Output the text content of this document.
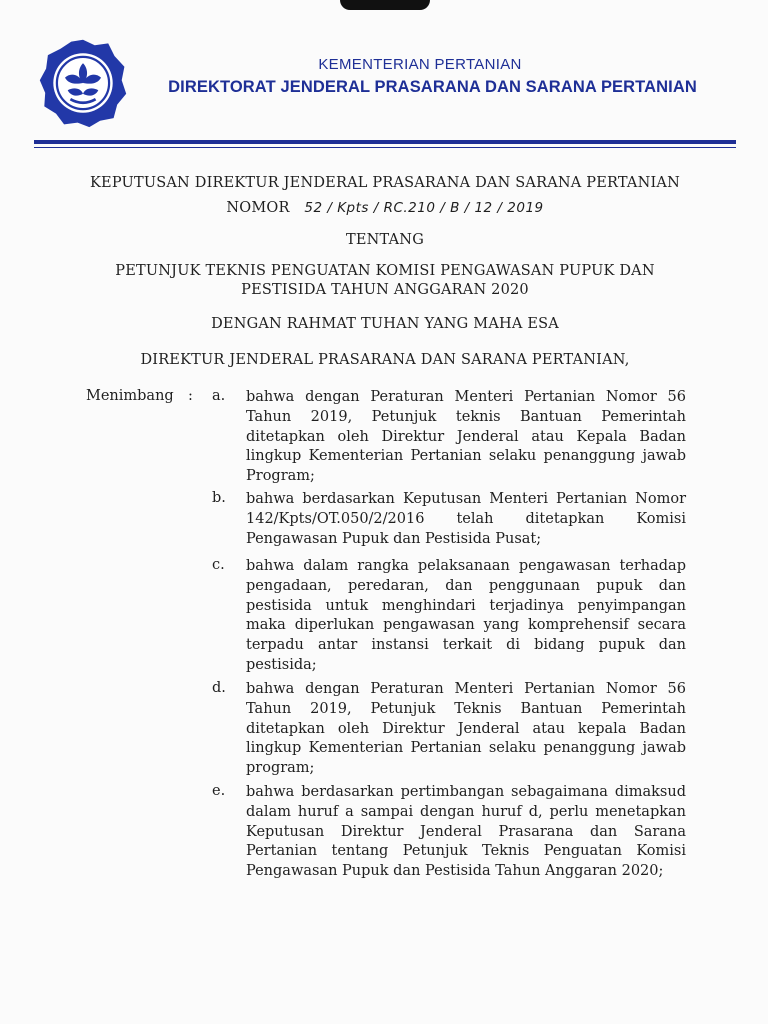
KEMENTERIAN PERTANIAN
DIREKTORAT JENDERAL PRASARANA DAN SARANA PERTANIAN
KEPUTUSAN DIREKTUR JENDERAL PRASARANA DAN SARANA PERTANIAN
NOMOR 52 / Kpts / RC.210 / B / 12 / 2019
TENTANG
PETUNJUK TEKNIS PENGUATAN KOMISI PENGAWASAN PUPUK DAN
PESTISIDA TAHUN ANGGARAN 2020
DENGAN RAHMAT TUHAN YANG MAHA ESA
DIREKTUR JENDERAL PRASARANA DAN SARANA PERTANIAN,
Menimbang : a. bahwa dengan Peraturan Menteri Pertanian Nomor 56 Tahun 2019, Petunjuk teknis Bantuan Pemerintah ditetapkan oleh Direktur Jenderal atau Kepala Badan lingkup Kementerian Pertanian selaku penanggung jawab Program;
b. bahwa berdasarkan Keputusan Menteri Pertanian Nomor 142/Kpts/OT.050/2/2016 telah ditetapkan Komisi Pengawasan Pupuk dan Pestisida Pusat;
c. bahwa dalam rangka pelaksanaan pengawasan terhadap pengadaan, peredaran, dan penggunaan pupuk dan pestisida untuk menghindari terjadinya penyimpangan maka diperlukan pengawasan yang komprehensif secara terpadu antar instansi terkait di bidang pupuk dan pestisida;
d. bahwa dengan Peraturan Menteri Pertanian Nomor 56 Tahun 2019, Petunjuk Teknis Bantuan Pemerintah ditetapkan oleh Direktur Jenderal atau kepala Badan lingkup Kementerian Pertanian selaku penanggung jawab program;
e. bahwa berdasarkan pertimbangan sebagaimana dimaksud dalam huruf a sampai dengan huruf d, perlu menetapkan Keputusan Direktur Jenderal Prasarana dan Sarana Pertanian tentang Petunjuk Teknis Penguatan Komisi Pengawasan Pupuk dan Pestisida Tahun Anggaran 2020;
